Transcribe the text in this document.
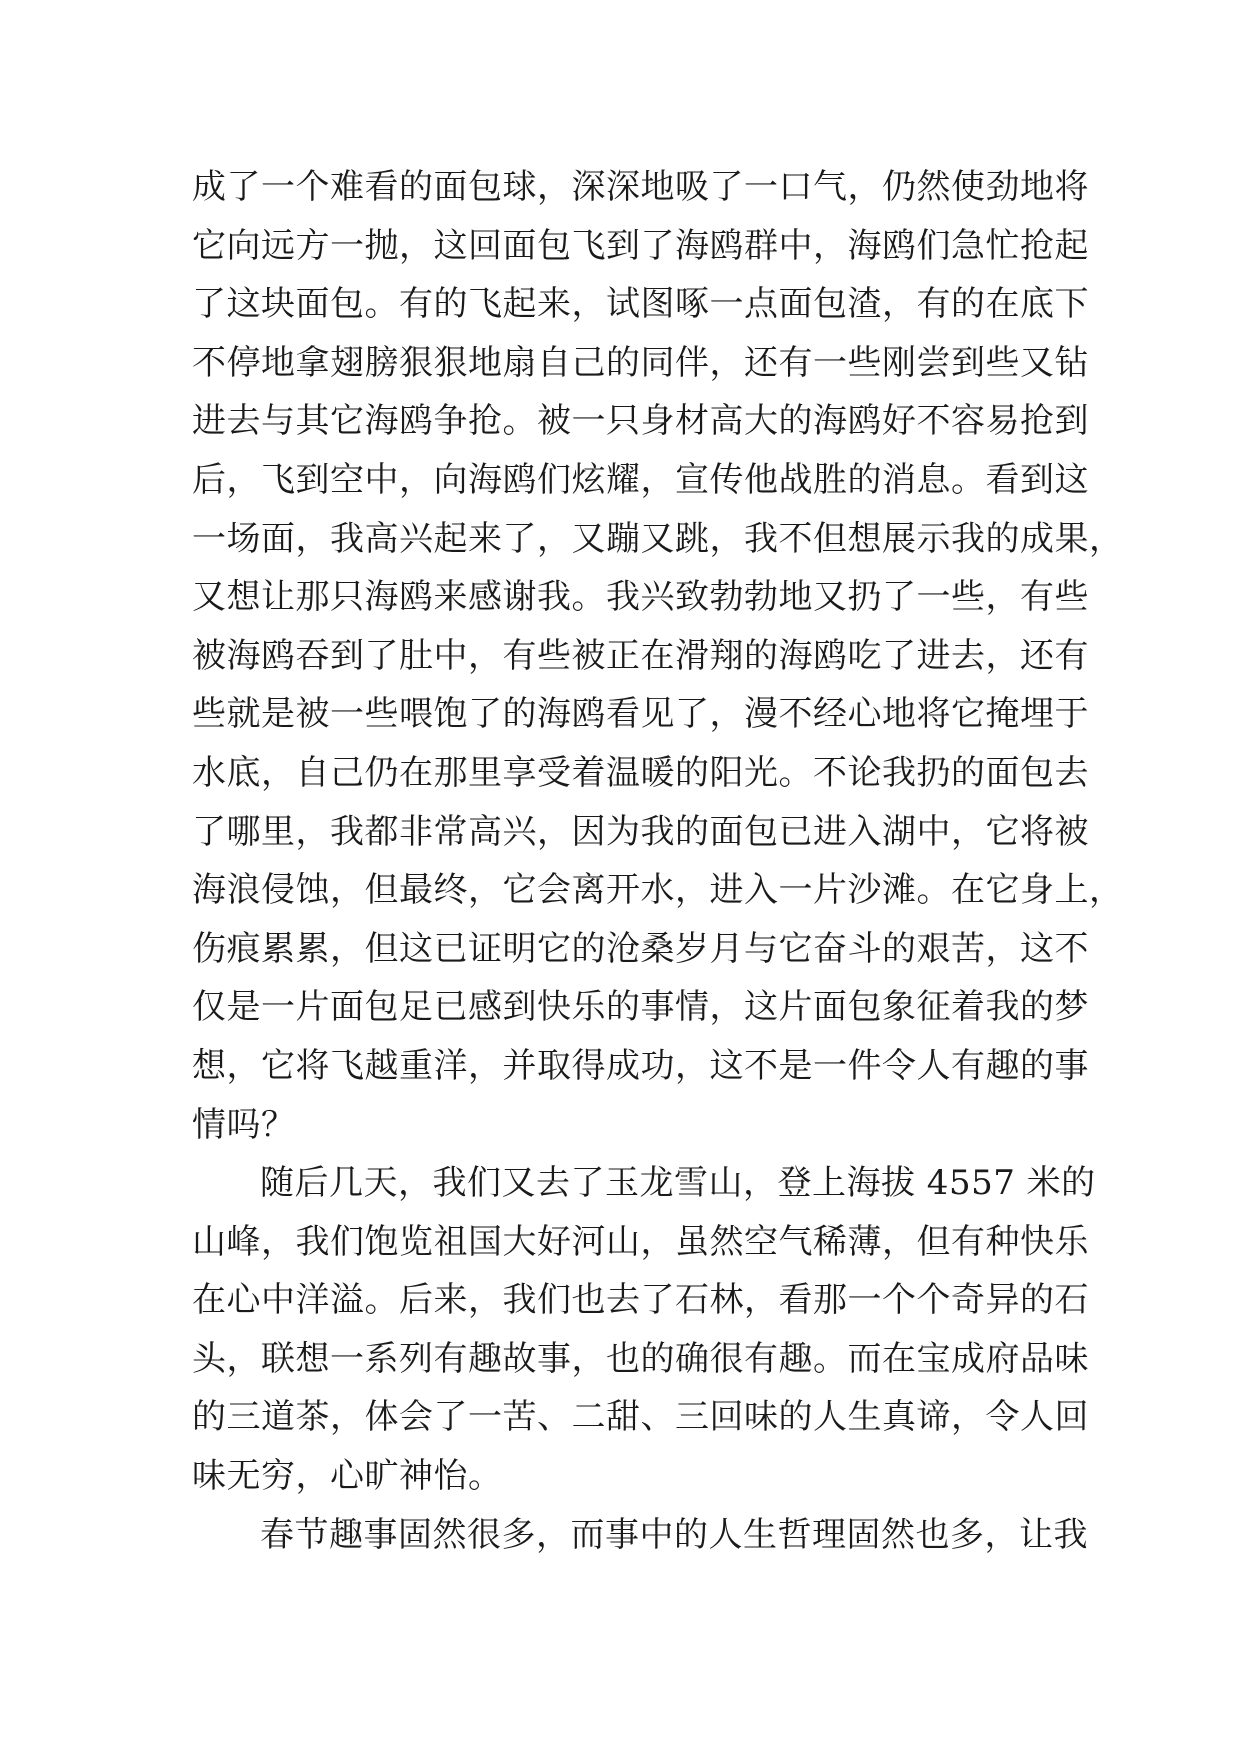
成了一个难看的面包球，深深地吸了一口气，仍然使劲地将
它向远方一抛，这回面包飞到了海鸥群中，海鸥们急忙抢起
了这块面包。有的飞起来，试图啄一点面包渣，有的在底下
不停地拿翅膀狠狠地扇自己的同伴，还有一些刚尝到些又钻
进去与其它海鸥争抢。被一只身材高大的海鸥好不容易抢到
后，飞到空中，向海鸥们炫耀，宣传他战胜的消息。看到这
一场面，我高兴起来了，又蹦又跳，我不但想展示我的成果，
又想让那只海鸥来感谢我。我兴致勃勃地又扔了一些，有些
被海鸥吞到了肚中，有些被正在滑翔的海鸥吃了进去，还有
些就是被一些喂饱了的海鸥看见了，漫不经心地将它掩埋于
水底，自己仍在那里享受着温暖的阳光。不论我扔的面包去
了哪里，我都非常高兴，因为我的面包已进入湖中，它将被
海浪侵蚀，但最终，它会离开水，进入一片沙滩。在它身上，
伤痕累累，但这已证明它的沧桑岁月与它奋斗的艰苦，这不
仅是一片面包足已感到快乐的事情，这片面包象征着我的梦
想，它将飞越重洋，并取得成功，这不是一件令人有趣的事
情吗？
随后几天，我们又去了玉龙雪山，登上海拔 4557 米的
山峰，我们饱览祖国大好河山，虽然空气稀薄，但有种快乐
在心中洋溢。后来，我们也去了石林，看那一个个奇异的石
头，联想一系列有趣故事，也的确很有趣。而在宝成府品味
的三道茶，体会了一苦、二甜、三回味的人生真谛，令人回
味无穷，心旷神怡。
春节趣事固然很多，而事中的人生哲理固然也多，让我
